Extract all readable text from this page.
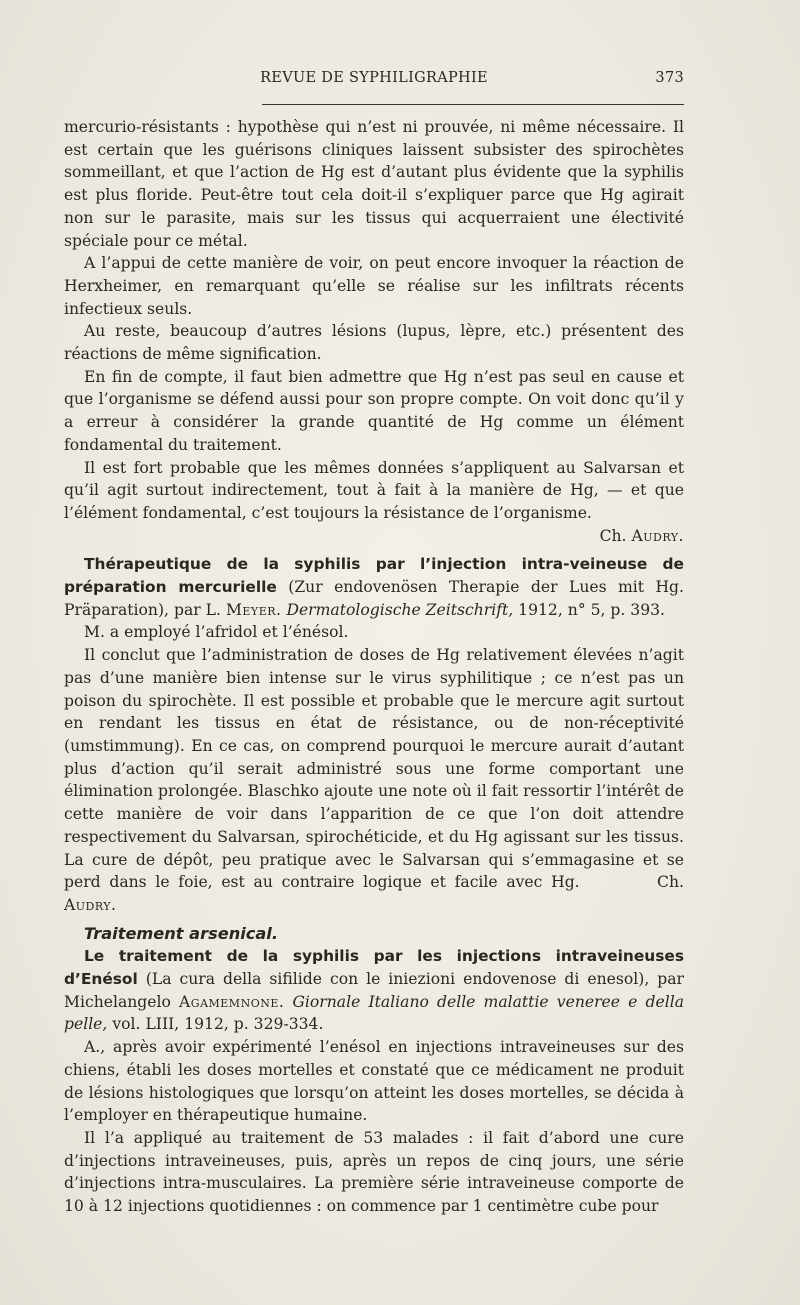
REVUE DE SYPHILIGRAPHIE	373

mercurio-résistants : hypothèse qui n’est ni prouvée, ni même nécessaire. Il est certain que les guérisons cliniques laissent subsister des spirochètes sommeillant, et que l’action de Hg est d’autant plus évidente que la syphilis est plus floride. Peut-être tout cela doit-il s’expliquer parce que Hg agirait non sur le parasite, mais sur les tissus qui acquerraient une électivité spéciale pour ce métal.

A l’appui de cette manière de voir, on peut encore invoquer la réaction de Herxheimer, en remarquant qu’elle se réalise sur les infiltrats récents infectieux seuls.

Au reste, beaucoup d’autres lésions (lupus, lèpre, etc.) présentent des réactions de même signification.

En fin de compte, il faut bien admettre que Hg n’est pas seul en cause et que l’organisme se défend aussi pour son propre compte. On voit donc qu’il y a erreur à considérer la grande quantité de Hg comme un élément fondamental du traitement.

Il est fort probable que les mêmes données s’appliquent au Salvarsan et qu’il agit surtout indirectement, tout à fait à la manière de Hg, — et que l’élément fondamental, c’est toujours la résistance de l’organisme.

Ch. Audry.

Thérapeutique de la syphilis par l’injection intra-veineuse de préparation mercurielle (Zur endovenösen Therapie der Lues mit Hg. Präparation), par L. Meyer. Dermatologische Zeitschrift, 1912, n° 5, p. 393.

M. a employé l’afridol et l’énésol.

Il conclut que l’administration de doses de Hg relativement élevées n’agit pas d’une manière bien intense sur le virus syphilitique ; ce n’est pas un poison du spirochète. Il est possible et probable que le mercure agit surtout en rendant les tissus en état de résistance, ou de non-réceptivité (umstimmung). En ce cas, on comprend pourquoi le mercure aurait d’autant plus d’action qu’il serait administré sous une forme comportant une élimination prolongée. Blaschko ajoute une note où il fait ressortir l’intérêt de cette manière de voir dans l’apparition de ce que l’on doit attendre respectivement du Salvarsan, spirochéticide, et du Hg agissant sur les tissus. La cure de dépôt, peu pratique avec le Salvarsan qui s’emmagasine et se perd dans le foie, est au contraire logique et facile avec Hg.	Ch. Audry.

Traitement arsenical.

Le traitement de la syphilis par les injections intraveineuses d’Enésol (La cura della sifilide con le iniezioni endovenose di enesol), par Michelangelo Agamemnone. Giornale Italiano delle malattie veneree e della pelle, vol. LIII, 1912, p. 329-334.

A., après avoir expérimenté l’enésol en injections intraveineuses sur des chiens, établi les doses mortelles et constaté que ce médicament ne produit de lésions histologiques que lorsqu’on atteint les doses mortelles, se décida à l’employer en thérapeutique humaine.

Il l’a appliqué au traitement de 53 malades : il fait d’abord une cure d’injections intraveineuses, puis, après un repos de cinq jours, une série d’injections intra-musculaires. La première série intraveineuse comporte de 10 à 12 injections quotidiennes : on commence par 1 centimètre cube pour
